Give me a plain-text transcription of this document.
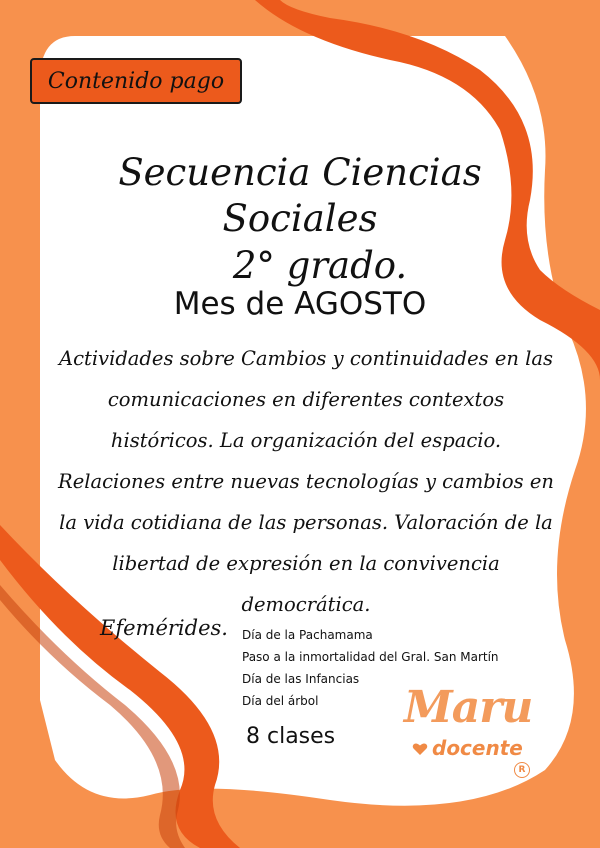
Contenido pago
Secuencia Ciencias Sociales
2° grado.
Mes de AGOSTO
Actividades sobre Cambios y continuidades en las comunicaciones en diferentes contextos históricos. La organización del espacio. Relaciones entre nuevas tecnologías y cambios en la vida cotidiana de las personas. Valoración de la libertad de expresión en la convivencia democrática.
Efemérides. Día de la Pachamama
Paso a la inmortalidad del Gral. San Martín
Día de las Infancias
Día del árbol
8 clases
Maru
docente
R
